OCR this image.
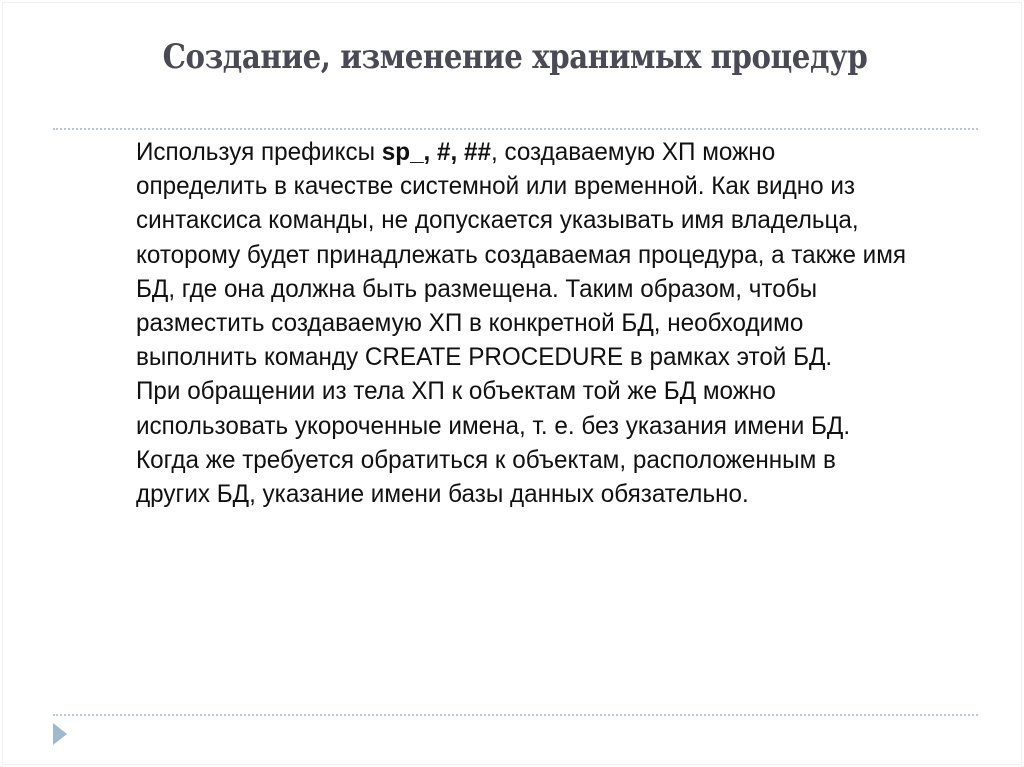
Создание, изменение хранимых процедур

Используя префиксы sp_, #, ##, создаваемую ХП можно определить в качестве системной или временной. Как видно из синтаксиса команды, не допускается указывать имя владельца, которому будет принадлежать создаваемая процедура, а также имя БД, где она должна быть размещена. Таким образом, чтобы разместить создаваемую ХП в конкретной БД, необходимо выполнить команду CREATE PROCEDURE в рамках этой БД.

При обращении из тела ХП к объектам той же БД можно использовать укороченные имена, т. е. без указания имени БД.

Когда же требуется обратиться к объектам, расположенным в других БД, указание имени базы данных обязательно.
